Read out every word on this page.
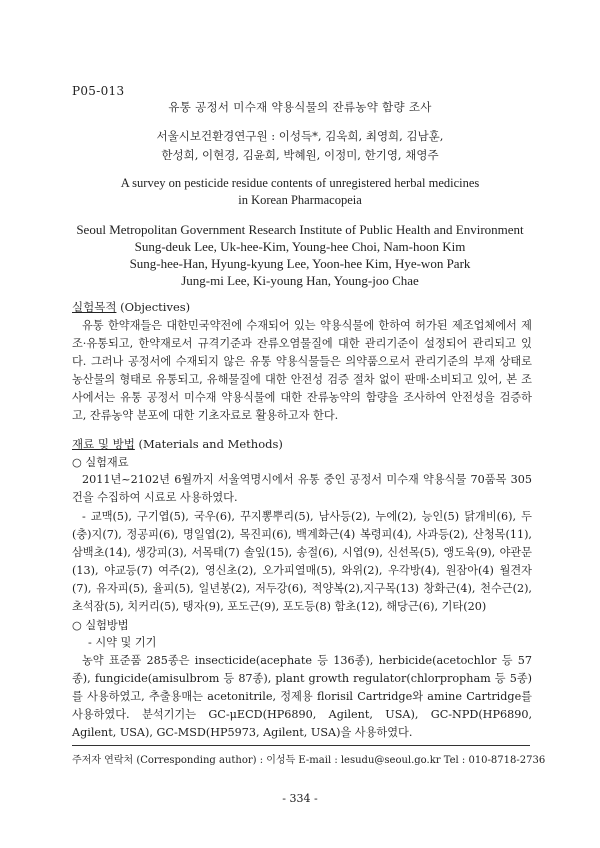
P05-013
유통 공정서 미수재 약용식물의 잔류농약 함량 조사
서울시보건환경연구원 : 이성득*, 김욱희, 최영희, 김남훈,
한성희, 이현경, 김윤희, 박혜원, 이정미, 한기영, 채영주
A survey on pesticide residue contents of unregistered herbal medicines
in Korean Pharmacopeia
Seoul Metropolitan Government Research Institute of Public Health and Environment
Sung-deuk Lee, Uk-hee-Kim, Young-hee Choi, Nam-hoon Kim
Sung-hee-Han, Hyung-kyung Lee, Yoon-hee Kim, Hye-won Park
Jung-mi Lee, Ki-young Han, Young-joo Chae
실험목적 (Objectives)
유통 한약재들은 대한민국약전에 수재되어 있는 약용식물에 한하여 허가된 제조업체에서 제조·유통되고, 한약재로서 규격기준과 잔류오염물질에 대한 관리기준이 설정되어 관리되고 있다. 그러나 공정서에 수재되지 않은 유통 약용식물들은 의약품으로서 관리기준의 부재 상태로 농산물의 형태로 유통되고, 유해물질에 대한 안전성 검증 절차 없이 판매·소비되고 있어, 본 조사에서는 유통 공정서 미수재 약용식물에 대한 잔류농약의 함량을 조사하여 안전성을 검증하고, 잔류농약 분포에 대한 기초자료로 활용하고자 한다.
재료 및 방법 (Materials and Methods)
○ 실험재료
2011년~2102년 6월까지 서울역명시에서 유통 중인 공정서 미수재 약용식물 70품목 305건을 수집하여 시료로 사용하였다.
- 교맥(5), 구기엽(5), 국우(6), 꾸지뽕뿌리(5), 남사등(2), 누에(2), 능인(5) 닭개비(6), 두(충)지(7), 정공피(6), 명일엽(2), 목진피(6), 백계화근(4) 복령피(4), 사과등(2), 산청목(11), 삼백초(14), 생강피(3), 서목태(7) 솔잎(15), 송절(6), 시엽(9), 신선목(5), 앵도육(9), 야관문(13), 야교등(7) 여주(2), 영신초(2), 오가피열매(5), 와위(2), 우각방(4), 원잠아(4) 월견자(7), 유자피(5), 율피(5), 일년봉(2), 저두강(6), 적양복(2),지구목(13) 창화근(4), 천수근(2), 초석잠(5), 치커리(5), 탱자(9), 포도근(9), 포도등(8) 함초(12), 해당근(6), 기타(20)
○ 실험방법
- 시약 및 기기
농약 표준품 285종은 insecticide(acephate 등 136종), herbicide(acetochlor 등 57종), fungicide(amisulbrom 등 87종), plant growth regulator(chlorpropham 등 5종)를 사용하였고, 추출용매는 acetonitrile, 정제용 florisil Cartridge와 amine Cartridge를 사용하였다. 분석기기는 GC-μECD(HP6890, Agilent, USA), GC-NPD(HP6890, Agilent, USA), GC-MSD(HP5973, Agilent, USA)을 사용하였다.
주저자 연락처 (Corresponding author) : 이성득 E-mail : lesudu@seoul.go.kr Tel : 010-8718-2736
- 334 -
